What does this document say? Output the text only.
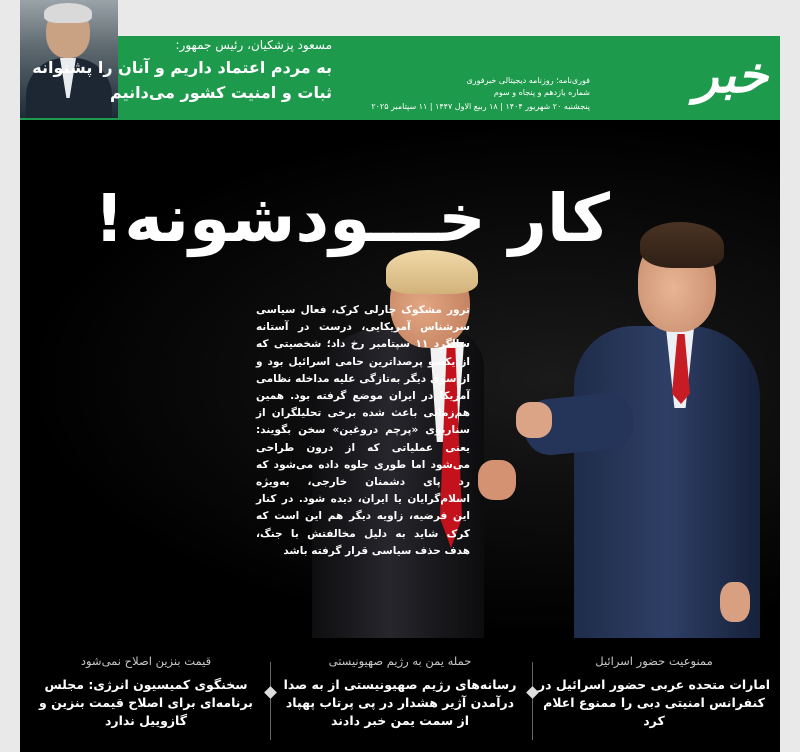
مسعود پزشکیان، رئیس جمهور:
به مردم اعتماد داریم و آنان را پشتوانه
ثبات و امنیت کشور می‌دانیم	خبر
فوری‌نامه؛ روزنامه دیجیتالی خبرفوری
شماره یازدهم و پنجاه و سوم
پنجشنبه ۲۰ شهریور ۱۴۰۴ | ۱۸ ربیع الاول ۱۴۴۷ | ۱۱ سپتامبر ۲۰۲۵
کار خـــودشونه!

ترور مشکوک چارلی کرک، فعال سیاسی سرشناس آمریکایی، درست در آستانه سالگرد ۱۱ سپتامبر رخ داد؛ شخصیتی که از یکسو پرصداترین حامی اسرائیل بود و از سوی دیگر به‌تازگی علیه مداخله نظامی آمریکا در ایران موضع گرفته بود. همین هم‌زمانی باعث شده برخی تحلیلگران از سناریوی «پرچم دروغین» سخن بگویند: یعنی عملیاتی که از درون طراحی می‌شود اما طوری جلوه داده می‌شود که رد پای دشمنان خارجی، به‌ویژه اسلام‌گرایان یا ایران، دیده شود. در کنار این فرضیه، زاویه دیگر هم این است که کرک شاید به دلیل مخالفتش با جنگ، هدف حذف سیاسی قرار گرفته باشد

ممنوعیت حضور اسرائیل
امارات متحده عربی حضور اسرائیل در کنفرانس امنیتی دبی را ممنوع اعلام کرد
حمله یمن به رژیم صهیونیستی
رسانه‌های رژیم صهیونیستی از به صدا درآمدن آژیر هشدار در پی پرتاب پهپاد از سمت یمن خبر دادند
قیمت بنزین اصلاح نمی‌شود
سخنگوی کمیسیون انرژی: مجلس برنامه‌ای برای اصلاح قیمت بنزین و گازوییل ندارد
